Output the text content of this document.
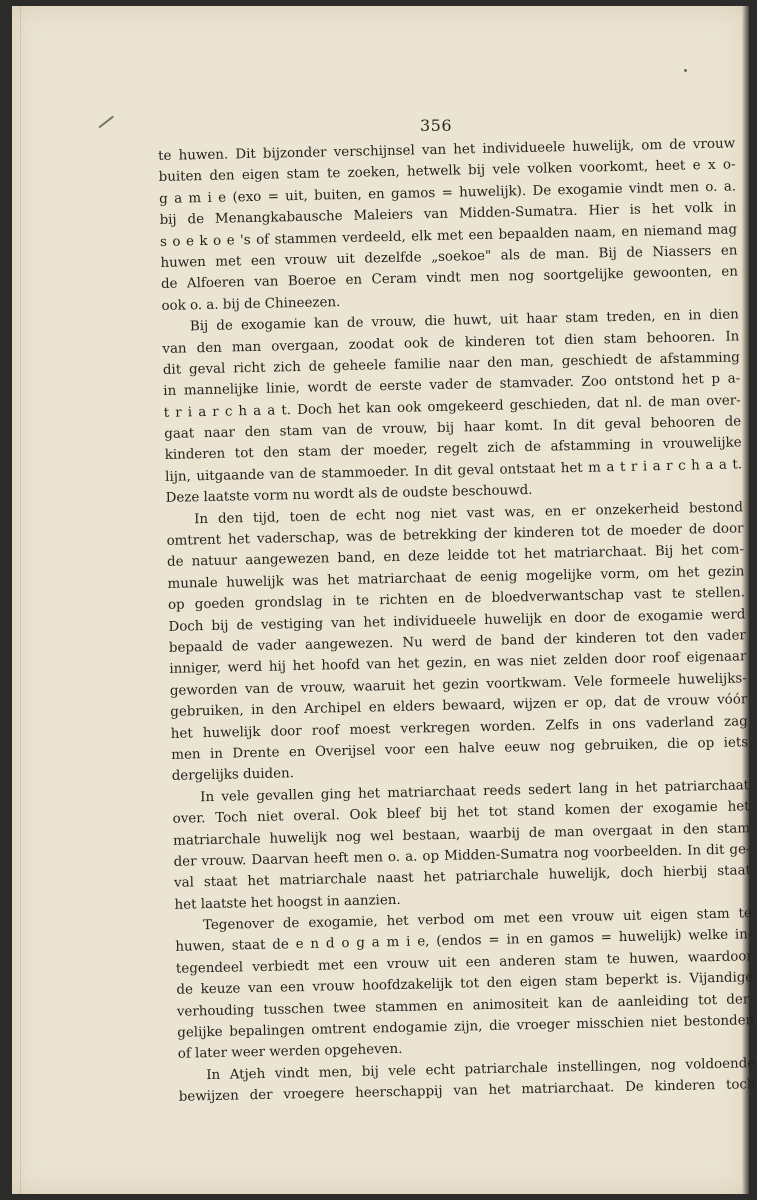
356
te huwen. Dit bijzonder verschijnsel van het individueele huwelijk, om de vrouw
buiten den eigen stam te zoeken, hetwelk bij vele volken voorkomt, heet e x o-
g a m i e (exo = uit, buiten, en gamos = huwelijk). De exogamie vindt men o. a.
bij de Menangkabausche Maleiers van Midden-Sumatra. Hier is het volk in
s o e k o e 's of stammen verdeeld, elk met een bepaalden naam, en niemand mag
huwen met een vrouw uit dezelfde „soekoe" als de man. Bij de Niassers en
de Alfoeren van Boeroe en Ceram vindt men nog soortgelijke gewoonten, en
ook o. a. bij de Chineezen.
Bij de exogamie kan de vrouw, die huwt, uit haar stam treden, en in dien
van den man overgaan, zoodat ook de kinderen tot dien stam behooren. In
dit geval richt zich de geheele familie naar den man, geschiedt de afstamming
in mannelijke linie, wordt de eerste vader de stamvader. Zoo ontstond het p a-
t r i a r c h a a t. Doch het kan ook omgekeerd geschieden, dat nl. de man over-
gaat naar den stam van de vrouw, bij haar komt. In dit geval behooren de
kinderen tot den stam der moeder, regelt zich de afstamming in vrouwelijke
lijn, uitgaande van de stammoeder. In dit geval ontstaat het m a t r i a r c h a a t.
Deze laatste vorm nu wordt als de oudste beschouwd.
In den tijd, toen de echt nog niet vast was, en er onzekerheid bestond
omtrent het vaderschap, was de betrekking der kinderen tot de moeder de door
de natuur aangewezen band, en deze leidde tot het matriarchaat. Bij het com-
munale huwelijk was het matriarchaat de eenig mogelijke vorm, om het gezin
op goeden grondslag in te richten en de bloedverwantschap vast te stellen.
Doch bij de vestiging van het individueele huwelijk en door de exogamie werd
bepaald de vader aangewezen. Nu werd de band der kinderen tot den vader
inniger, werd hij het hoofd van het gezin, en was niet zelden door roof eigenaar
geworden van de vrouw, waaruit het gezin voortkwam. Vele formeele huwelijks-
gebruiken, in den Archipel en elders bewaard, wijzen er op, dat de vrouw vóór
het huwelijk door roof moest verkregen worden. Zelfs in ons vaderland zag
men in Drente en Overijsel voor een halve eeuw nog gebruiken, die op iets
dergelijks duiden.
In vele gevallen ging het matriarchaat reeds sedert lang in het patriarchaat
over. Toch niet overal. Ook bleef bij het tot stand komen der exogamie het
matriarchale huwelijk nog wel bestaan, waarbij de man overgaat in den stam
der vrouw. Daarvan heeft men o. a. op Midden-Sumatra nog voorbeelden. In dit ge-
val staat het matriarchale naast het patriarchale huwelijk, doch hierbij staat
het laatste het hoogst in aanzien.
Tegenover de exogamie, het verbod om met een vrouw uit eigen stam te
huwen, staat de e n d o g a m i e, (endos = in en gamos = huwelijk) welke in-
tegendeel verbiedt met een vrouw uit een anderen stam te huwen, waardoor
de keuze van een vrouw hoofdzakelijk tot den eigen stam beperkt is. Vijandige
verhouding tusschen twee stammen en animositeit kan de aanleiding tot der-
gelijke bepalingen omtrent endogamie zijn, die vroeger misschien niet bestonden
of later weer werden opgeheven.
In Atjeh vindt men, bij vele echt patriarchale instellingen, nog voldoende
bewijzen der vroegere heerschappij van het matriarchaat. De kinderen toch
